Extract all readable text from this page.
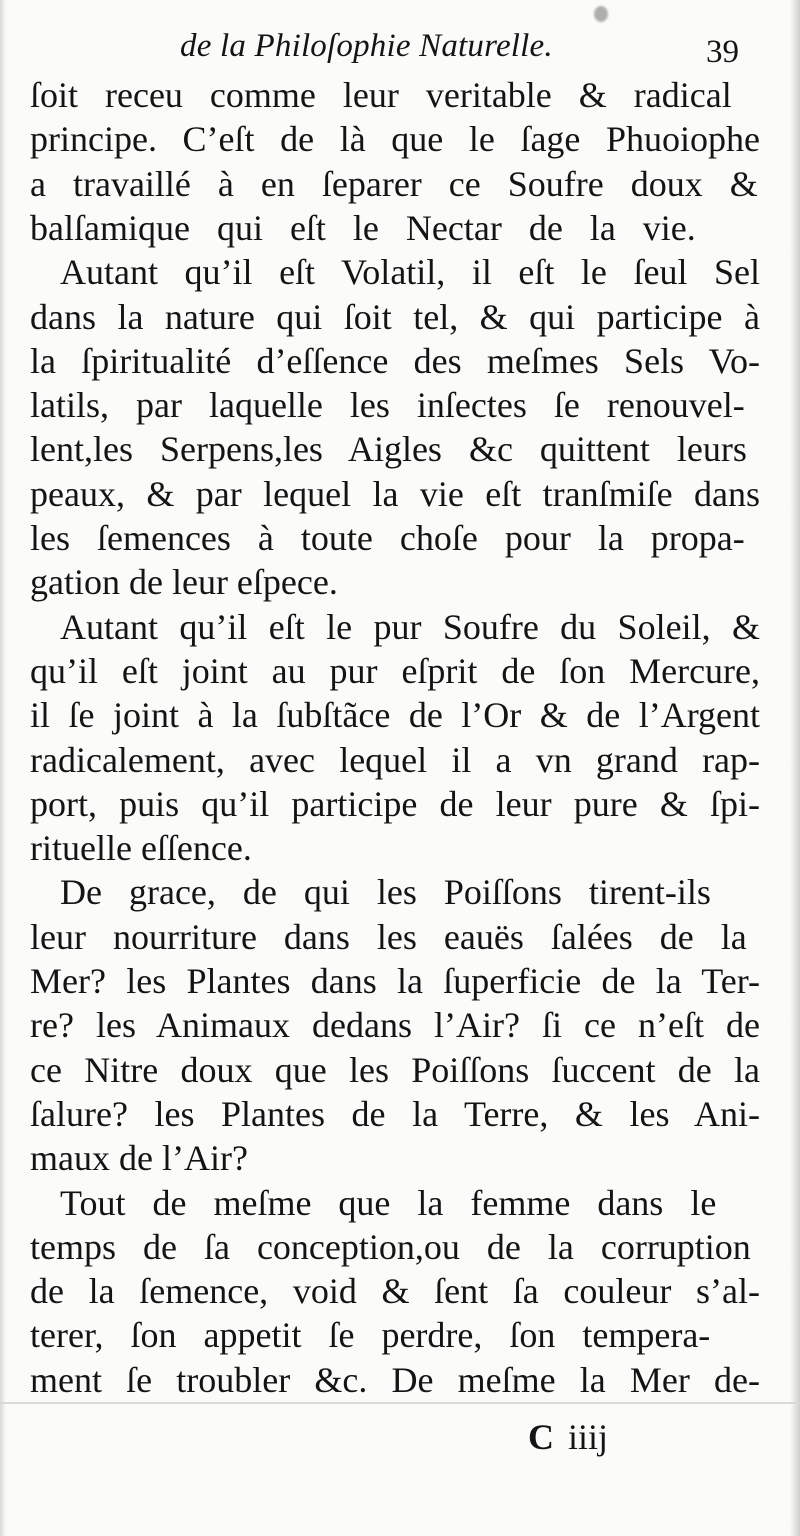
de la Philoſophie Naturelle.	39
ſoit receu comme leur veritable & radical
principe. C’eſt de là que le ſage Phuoiophe
a travaillé à en ſeparer ce Soufre doux &
balſamique qui eſt le Nectar de la vie.
Autant qu’il eſt Volatil, il eſt le ſeul Sel
dans la nature qui ſoit tel, & qui participe à
la ſpiritualité d’eſſence des meſmes Sels Vo-
latils, par laquelle les inſectes ſe renouvel-
lent,les Serpens,les Aigles &c quittent leurs
peaux, & par lequel la vie eſt tranſmiſe dans
les ſemences à toute choſe pour la propa-
gation de leur eſpece.
Autant qu’il eſt le pur Soufre du Soleil, &
qu’il eſt joint au pur eſprit de ſon Mercure,
il ſe joint à la ſubſtãce de l’Or & de l’Argent
radicalement, avec lequel il a vn grand rap-
port, puis qu’il participe de leur pure & ſpi-
rituelle eſſence.
De grace, de qui les Poiſſons tirent-ils
leur nourriture dans les eauës ſalées de la
Mer? les Plantes dans la ſuperficie de la Ter-
re? les Animaux dedans l’Air? ſi ce n’eſt de
ce Nitre doux que les Poiſſons ſuccent de la
ſalure? les Plantes de la Terre, & les Ani-
maux de l’Air?
Tout de meſme que la femme dans le
temps de ſa conception,ou de la corruption
de la ſemence, void & ſent ſa couleur s’al-
terer, ſon appetit ſe perdre, ſon tempera-
ment ſe troubler &c. De meſme la Mer de-
C iiij
